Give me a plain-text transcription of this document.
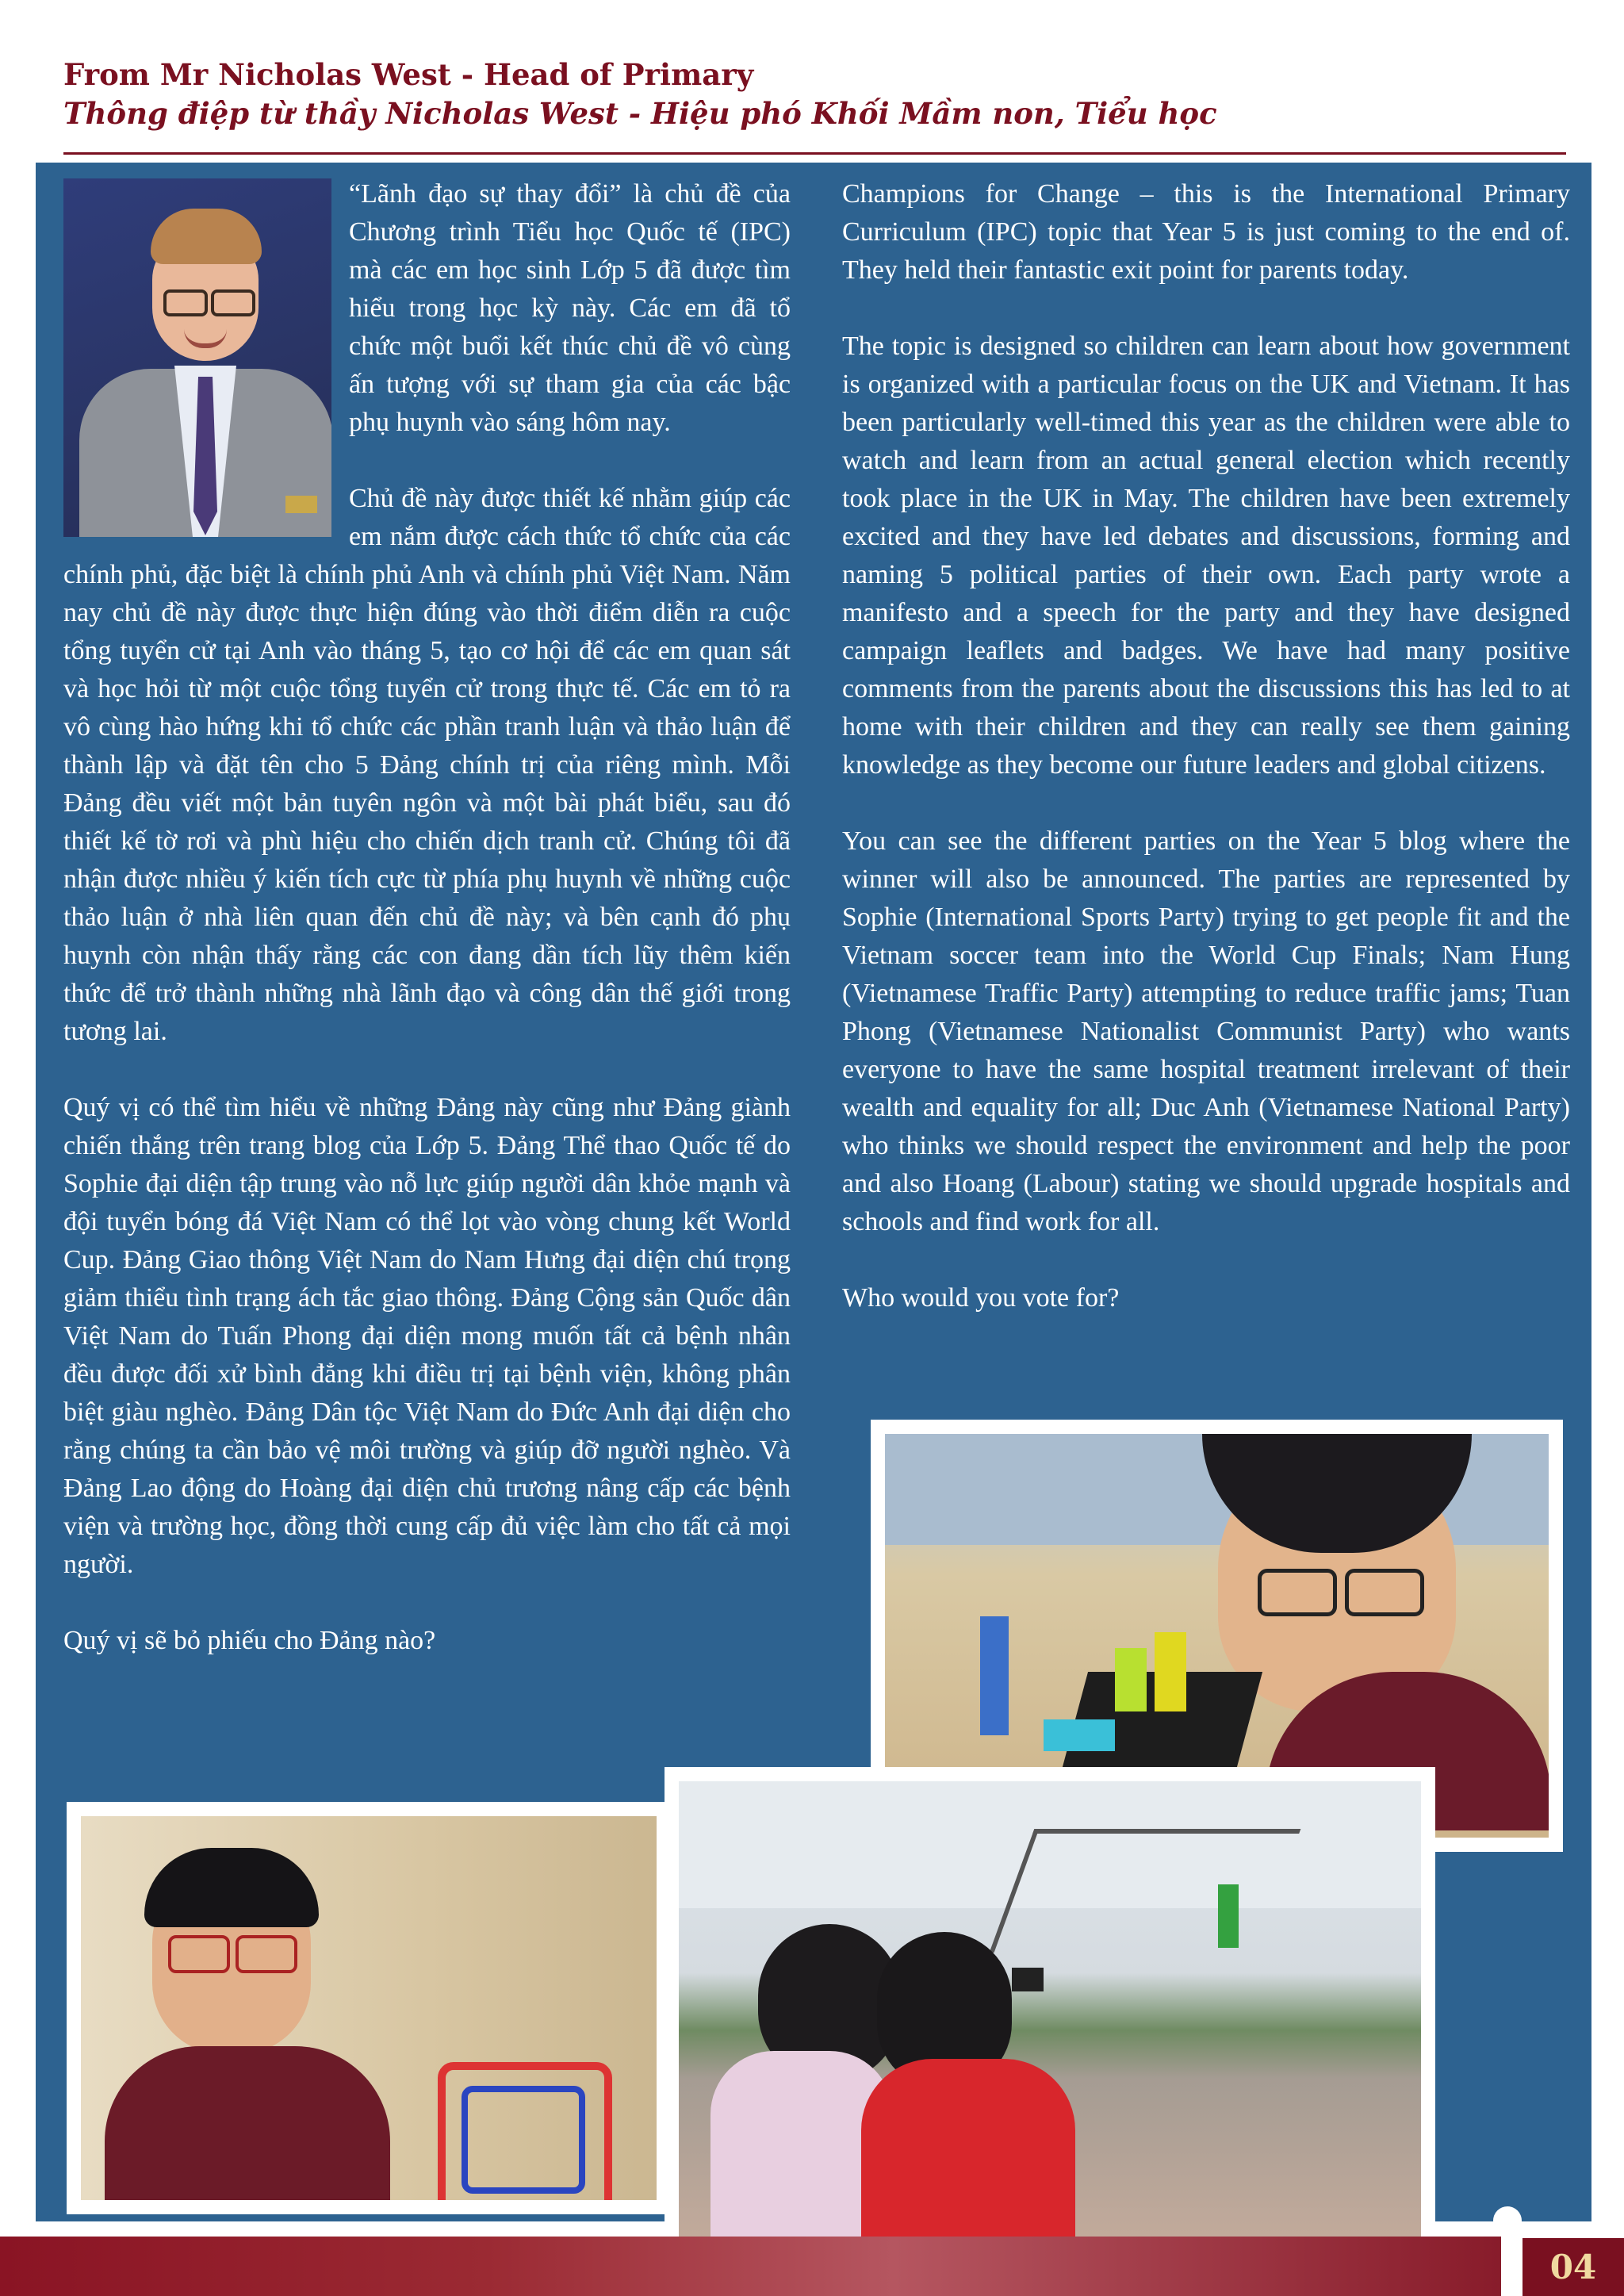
From Mr Nicholas West - Head of Primary

Thông điệp từ thầy Nicholas West - Hiệu phó Khối Mầm non, Tiểu học

“Lãnh đạo sự thay đổi” là chủ đề của Chương trình Tiểu học Quốc tế (IPC) mà các em học sinh Lớp 5 đã được tìm hiểu trong học kỳ này. Các em đã tổ chức một buổi kết thúc chủ đề vô cùng ấn tượng với sự tham gia của các bậc phụ huynh vào sáng hôm nay.

Chủ đề này được thiết kế nhằm giúp các em nắm được cách thức tổ chức của các chính phủ, đặc biệt là chính phủ Anh và chính phủ Việt Nam. Năm nay chủ đề này được thực hiện đúng vào thời điểm diễn ra cuộc tổng tuyển cử tại Anh vào tháng 5, tạo cơ hội để các em quan sát và học hỏi từ một cuộc tổng tuyển cử trong thực tế. Các em tỏ ra vô cùng hào hứng khi tổ chức các phần tranh luận và thảo luận để thành lập và đặt tên cho 5 Đảng chính trị của riêng mình. Mỗi Đảng đều viết một bản tuyên ngôn và một bài phát biểu, sau đó thiết kế tờ rơi và phù hiệu cho chiến dịch tranh cử. Chúng tôi đã nhận được nhiều ý kiến tích cực từ phía phụ huynh về những cuộc thảo luận ở nhà liên quan đến chủ đề này; và bên cạnh đó phụ huynh còn nhận thấy rằng các con đang dần tích lũy thêm kiến thức để trở thành những nhà lãnh đạo và công dân thế giới trong tương lai.

Quý vị có thể tìm hiểu về những Đảng này cũng như Đảng giành chiến thắng trên trang blog của Lớp 5. Đảng Thể thao Quốc tế do Sophie đại diện tập trung vào nỗ lực giúp người dân khỏe mạnh và đội tuyển bóng đá Việt Nam có thể lọt vào vòng chung kết World Cup. Đảng Giao thông Việt Nam do Nam Hưng đại diện chú trọng giảm thiểu tình trạng ách tắc giao thông. Đảng Cộng sản Quốc dân Việt Nam do Tuấn Phong đại diện mong muốn tất cả bệnh nhân đều được đối xử bình đẳng khi điều trị tại bệnh viện, không phân biệt giàu nghèo. Đảng Dân tộc Việt Nam do Đức Anh đại diện cho rằng chúng ta cần bảo vệ môi trường và giúp đỡ người nghèo. Và Đảng Lao động do Hoàng đại diện chủ trương nâng cấp các bệnh viện và trường học, đồng thời cung cấp đủ việc làm cho tất cả mọi người.

Quý vị sẽ bỏ phiếu cho Đảng nào?

Champions for Change – this is the International Primary Curriculum (IPC) topic that Year 5 is just coming to the end of. They held their fantastic exit point for parents today.

The topic is designed so children can learn about how government is organized with a particular focus on the UK and Vietnam. It has been particularly well-timed this year as the children were able to watch and learn from an actual general election which recently took place in the UK in May. The children have been extremely excited and they have led debates and discussions, forming and naming 5 political parties of their own. Each party wrote a manifesto and a speech for the party and they have designed campaign leaflets and badges. We have had many positive comments from the parents about the discussions this has led to at home with their children and they can really see them gaining knowledge as they become our future leaders and global citizens.

You can see the different parties on the Year 5 blog where the winner will also be announced. The parties are represented by Sophie (International Sports Party) trying to get people fit and the Vietnam soccer team into the World Cup Finals; Nam Hung (Vietnamese Traffic Party) attempting to reduce traffic jams; Tuan Phong (Vietnamese Nationalist Communist Party) who wants everyone to have the same hospital treatment irrelevant of their wealth and equality for all; Duc Anh (Vietnamese National Party) who thinks we should respect the environment and help the poor and also Hoang (Labour) stating we should upgrade hospitals and schools and find work for all.

Who would you vote for?

04
